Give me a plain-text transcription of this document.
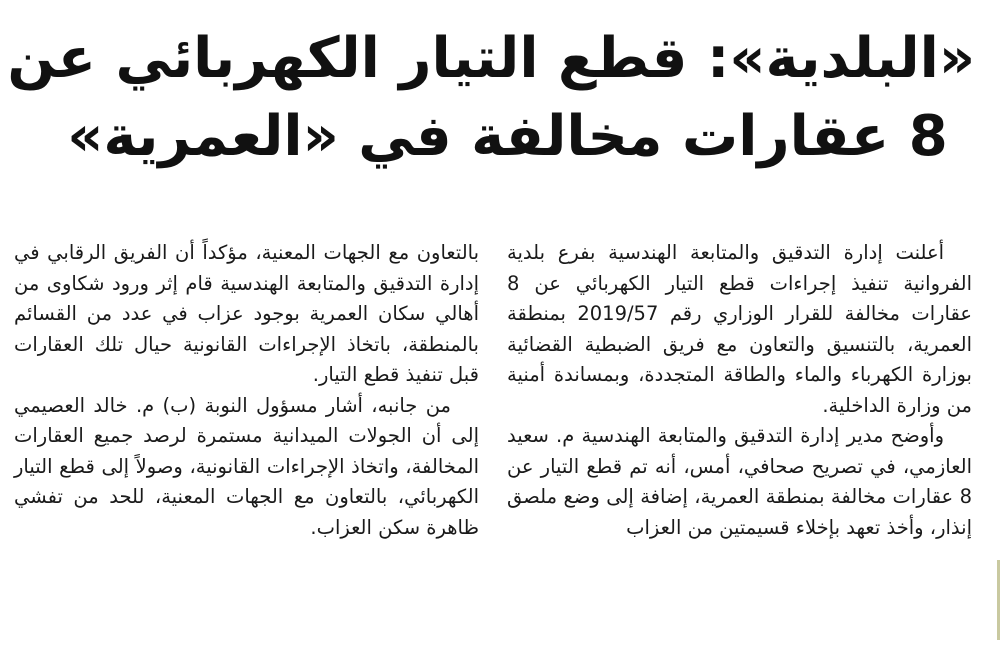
«البلدية»: قطع التيار الكهربائي عن
8 عقارات مخالفة في «العمرية»

أعلنت إدارة التدقيق والمتابعة الهندسية بفرع بلدية الفروانية تنفيذ إجراءات قطع التيار الكهربائي عن 8 عقارات مخالفة للقرار الوزاري رقم 2019/57 بمنطقة العمرية، بالتنسيق والتعاون مع فريق الضبطية القضائية بوزارة الكهرباء والماء والطاقة المتجددة، وبمساندة أمنية من وزارة الداخلية.

وأوضح مدير إدارة التدقيق والمتابعة الهندسية م. سعيد العازمي، في تصريح صحافي، أمس، أنه تم قطع التيار عن 8 عقارات مخالفة بمنطقة العمرية، إضافة إلى وضع ملصق إنذار، وأخذ تعهد بإخلاء قسيمتين من العزاب

بالتعاون مع الجهات المعنية، مؤكداً أن الفريق الرقابي في إدارة التدقيق والمتابعة الهندسية قام إثر ورود شكاوى من أهالي سكان العمرية بوجود عزاب في عدد من القسائم بالمنطقة، باتخاذ الإجراءات القانونية حيال تلك العقارات قبل تنفيذ قطع التيار.

من جانبه، أشار مسؤول النوبة (ب) م. خالد العصيمي إلى أن الجولات الميدانية مستمرة لرصد جميع العقارات المخالفة، واتخاذ الإجراءات القانونية، وصولاً إلى قطع التيار الكهربائي، بالتعاون مع الجهات المعنية، للحد من تفشي ظاهرة سكن العزاب.
